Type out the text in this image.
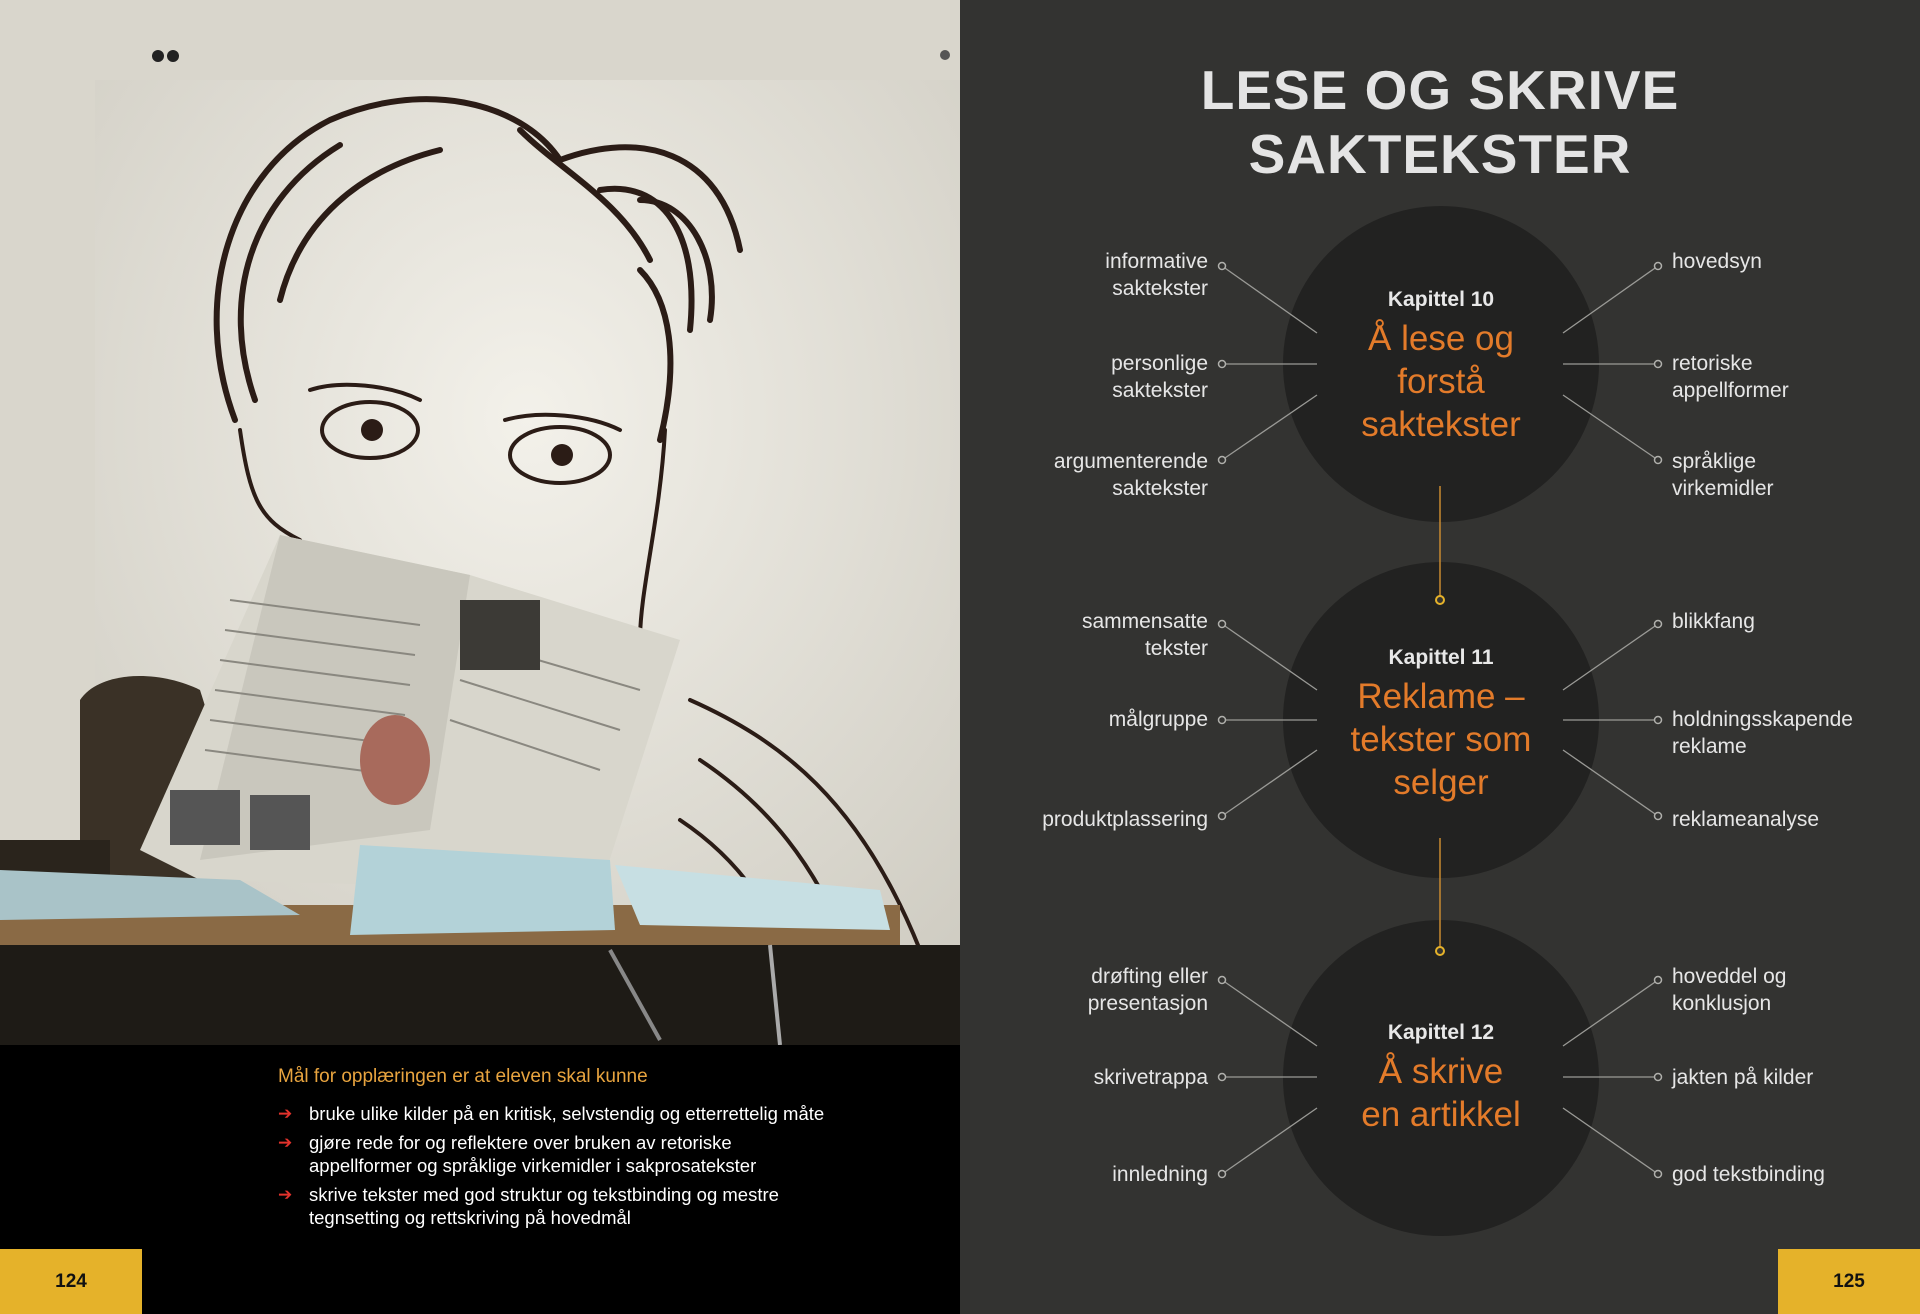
Mål for opplæringen er at eleven skal kunne

➔ bruke ulike kilder på en kritisk, selvstendig og etterrettelig måte
➔ gjøre rede for og reflektere over bruken av retoriske appellformer og språklige virkemidler i sakprosatekster
➔ skrive tekster med god struktur og tekstbinding og mestre tegnsetting og rettskriving på hovedmål
124
LESE OG SKRIVE
SAKTEKSTER
Kapittel 10
Å lese og
forstå
saktekster
Kapittel 11
Reklame –
tekster som
selger
Kapittel 12
Å skrive
en artikkel
informative
saktekster
personlige
saktekster
argumenterende
saktekster
sammensatte
tekster
målgruppe
produktplassering
drøfting eller
presentasjon
skrivetrappa
innledning
hovedsyn
retoriske
appellformer
språklige
virkemidler
blikkfang
holdningsskapende
reklame
reklameanalyse
hoveddel og
konklusjon
jakten på kilder
god tekstbinding
125
